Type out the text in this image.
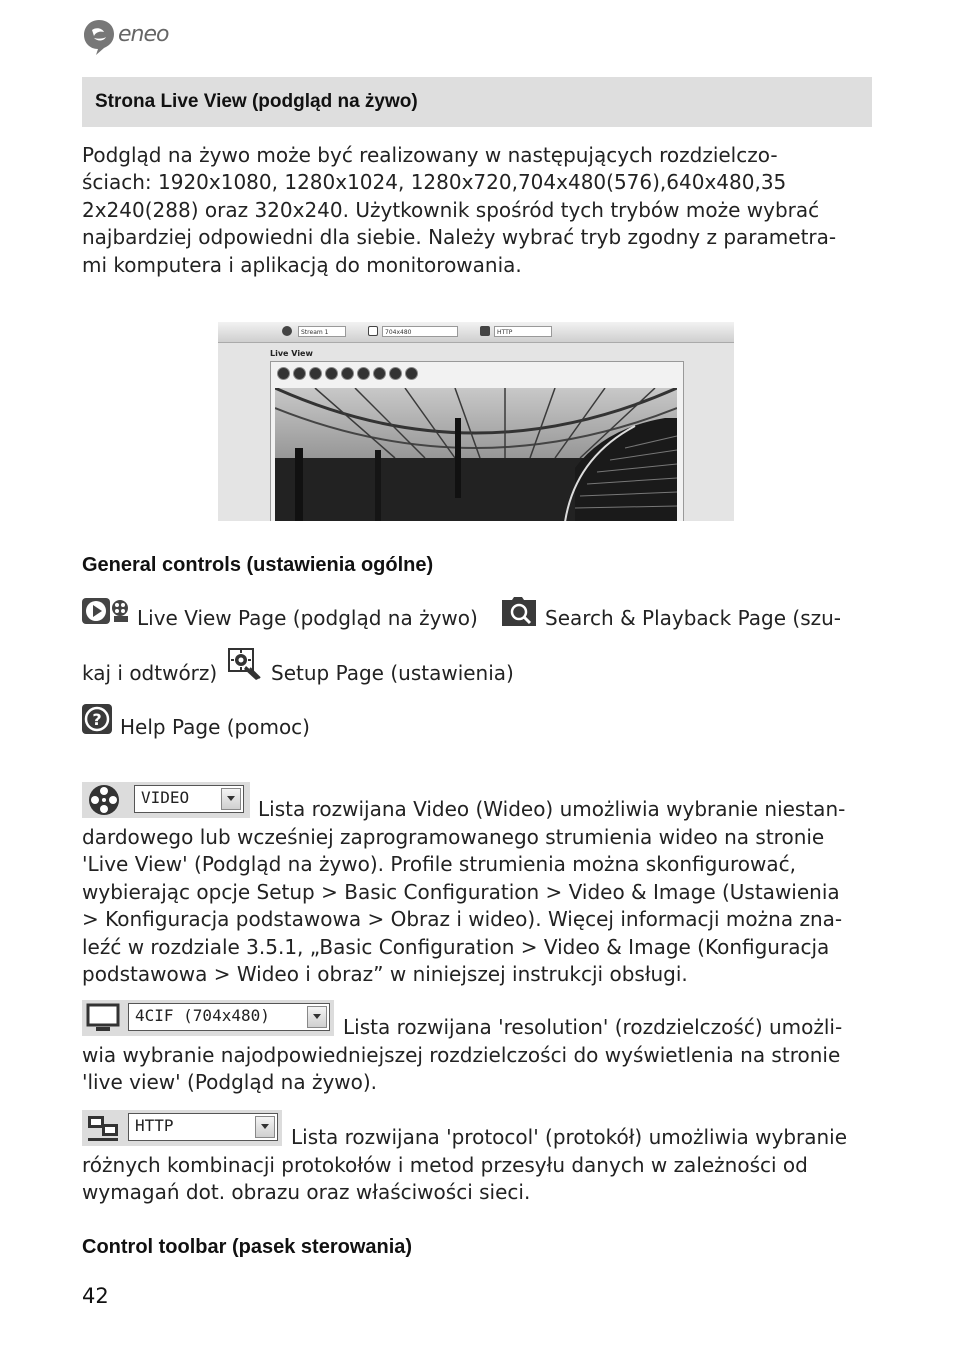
eneo
Strona Live View (podgląd na żywo)

Podgląd na żywo może być realizowany w następujących rozdzielczo-

ściach: 1920x1080, 1280x1024, 1280x720,704x480(576),640x480,35

2x240(288) oraz 320x240. Użytkownik spośród tych trybów może wybrać

najbardziej odpowiedni dla siebie. Należy wybrać tryb zgodny z parametra-

mi komputera i aplikacją do monitorowania.

Stream 1	704x480	HTTP
Live View
General controls (ustawienia ogólne)
Live View Page (podgląd na żywo)	Search & Playback Page (szu-
kaj i odtwórz)	Setup Page (ustawienia)
? Help Page (pomoc)
VIDEO	Lista rozwijana Video (Wideo) umożliwia wybranie niestan-

dardowego lub wcześniej zaprogramowanego strumienia wideo na stronie

'Live View' (Podgląd na żywo). Profile strumienia można skonfigurować,

wybierając opcje Setup > Basic Configuration > Video & Image (Ustawienia

> Konfiguracja podstawowa > Obraz i wideo). Więcej informacji można zna-

leźć w rozdziale 3.5.1, „Basic Configuration > Video & Image (Konfiguracja

podstawowa > Wideo i obraz” w niniejszej instrukcji obsługi.

4CIF (704x480)	Lista rozwijana 'resolution' (rozdzielczość) umożli-

wia wybranie najodpowiedniejszej rozdzielczości do wyświetlenia na stronie

'live view' (Podgląd na żywo).

HTTP	Lista rozwijana 'protocol' (protokół) umożliwia wybranie

różnych kombinacji protokołów i metod przesyłu danych w zależności od

wymagań dot. obrazu oraz właściwości sieci.

Control toolbar (pasek sterowania)
42
